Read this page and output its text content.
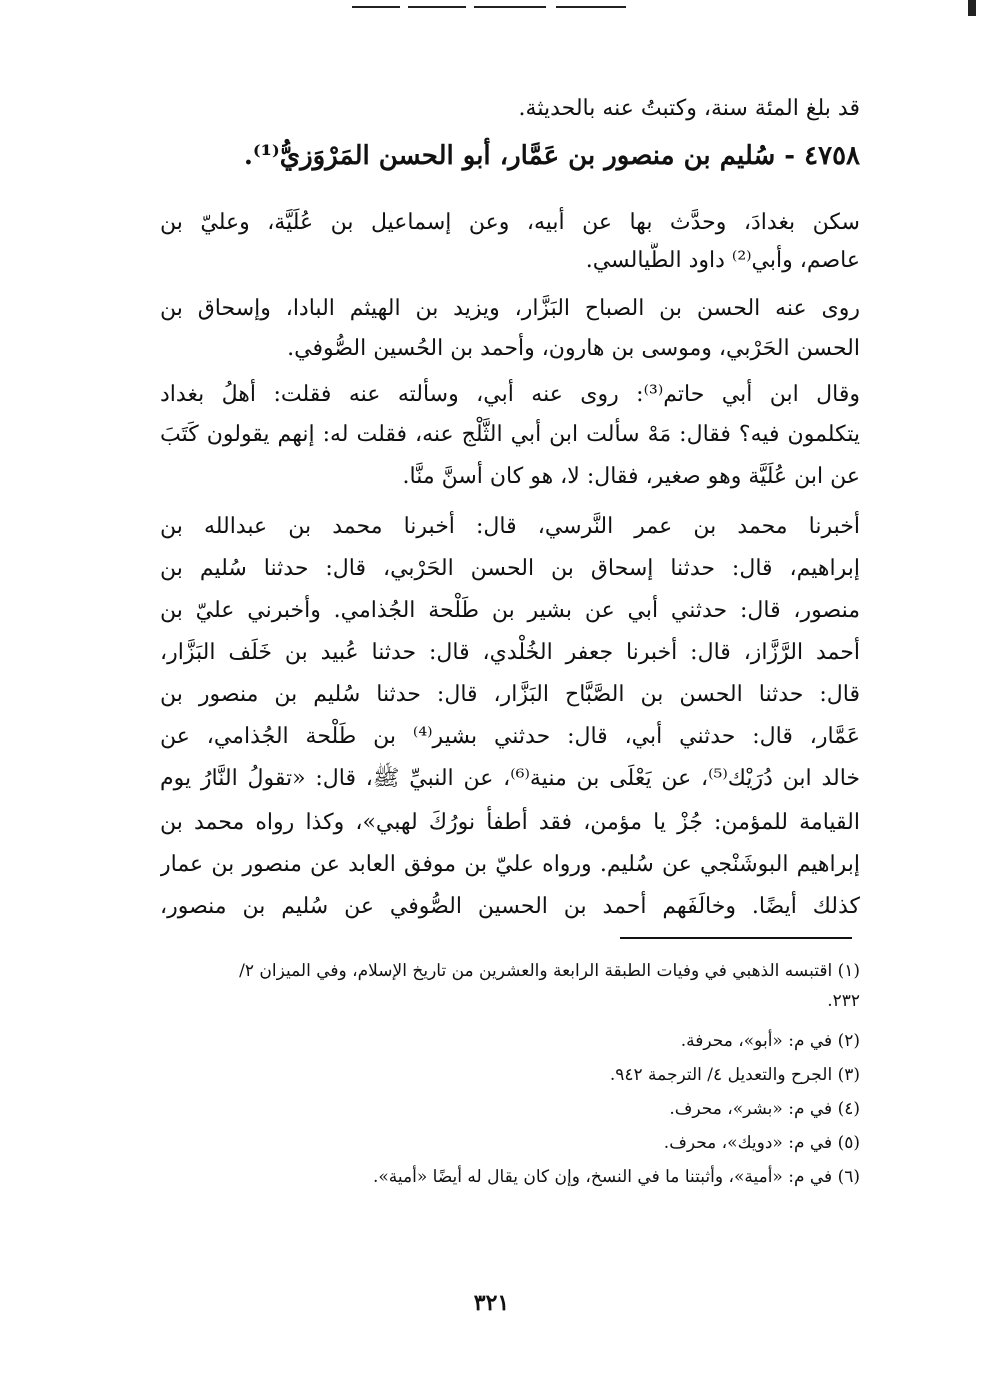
قد بلغ المئة سنة، وكتبتُ عنه بالحديثة.
٤٧٥٨ - سُليم بن منصور بن عَمَّار، أبو الحسن المَرْوَزيُّ⁽¹⁾.
سكن بغدادَ، وحدَّث بها عن أبيه، وعن إسماعيل بن عُلَيَّة، وعليّ بن
عاصم، وأبي⁽²⁾ داود الطَّيالسي.
روى عنه الحسن بن الصباح البَزَّار، ويزيد بن الهيثم البادا، وإسحاق بن
الحسن الحَرْبي، وموسى بن هارون، وأحمد بن الحُسين الصُّوفي.
وقال ابن أبي حاتم⁽³⁾: روى عنه أبي، وسألته عنه فقلت: أهلُ بغداد
يتكلمون فيه؟ فقال: مَهْ سألت ابن أبي الثَّلْج عنه، فقلت له: إنهم يقولون كَتَبَ
عن ابن عُلَيَّة وهو صغير، فقال: لا، هو كان أسنَّ منَّا.
أخبرنا محمد بن عمر النَّرسي، قال: أخبرنا محمد بن عبدالله بن
إبراهيم، قال: حدثنا إسحاق بن الحسن الحَرْبي، قال: حدثنا سُليم بن
منصور، قال: حدثني أبي عن بشير بن طَلْحة الجُذامي. وأخبرني عليّ بن
أحمد الرَّزَّاز، قال: أخبرنا جعفر الخُلْدي، قال: حدثنا عُبيد بن خَلَف البَزَّار،
قال: حدثنا الحسن بن الصَّبَّاح البَزَّار، قال: حدثنا سُليم بن منصور بن
عَمَّار، قال: حدثني أبي، قال: حدثني بشير⁽⁴⁾ بن طَلْحة الجُذامي، عن
خالد ابن دُرَيْك⁽⁵⁾، عن يَعْلَى بن منية⁽⁶⁾، عن النبيِّ ﷺ، قال: «تقولُ النَّارُ يوم
القيامة للمؤمن: جُزْ يا مؤمن، فقد أطفأ نورُكَ لهبي»، وكذا رواه محمد بن
إبراهيم البوشَنْجي عن سُليم. ورواه عليّ بن موفق العابد عن منصور بن عمار
كذلك أيضًا. وخالَفَهم أحمد بن الحسين الصُّوفي عن سُليم بن منصور،
(١) اقتبسه الذهبي في وفيات الطبقة الرابعة والعشرين من تاريخ الإسلام، وفي الميزان ٢/
٢٣٢.
(٢) في م: «أبو»، محرفة.
(٣) الجرح والتعديل ٤/ الترجمة ٩٤٢.
(٤) في م: «بشر»، محرف.
(٥) في م: «دويك»، محرف.
(٦) في م: «أمية»، وأثبتنا ما في النسخ، وإن كان يقال له أيضًا «أمية».
٣٢١
